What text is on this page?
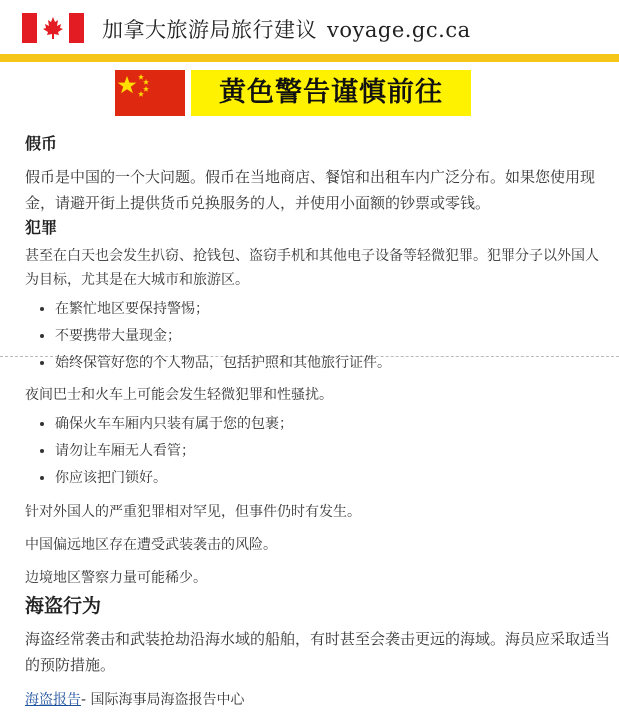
加拿大旅游局旅行建议 voyage.gc.ca
黄色警告谨慎前往
假币

假币是中国的一个大问题。假币在当地商店、餐馆和出租车内广泛分布。如果您使用现金，请避开街上提供货币兑换服务的人，并使用小面额的钞票或零钱。

犯罪

甚至在白天也会发生扒窃、抢钱包、盗窃手机和其他电子设备等轻微犯罪。犯罪分子以外国人为目标，尤其是在大城市和旅游区。

• 在繁忙地区要保持警惕；
• 不要携带大量现金；
• 始终保管好您的个人物品，包括护照和其他旅行证件。

夜间巴士和火车上可能会发生轻微犯罪和性骚扰。

• 确保火车车厢内只装有属于您的包裹；
• 请勿让车厢无人看管；
• 你应该把门锁好。

针对外国人的严重犯罪相对罕见，但事件仍时有发生。

中国偏远地区存在遭受武装袭击的风险。

边境地区警察力量可能稀少。

海盗行为

海盗经常袭击和武装抢劫沿海水域的船舶，有时甚至会袭击更远的海域。海员应采取适当的预防措施。

海盗报告- 国际海事局海盗报告中心
